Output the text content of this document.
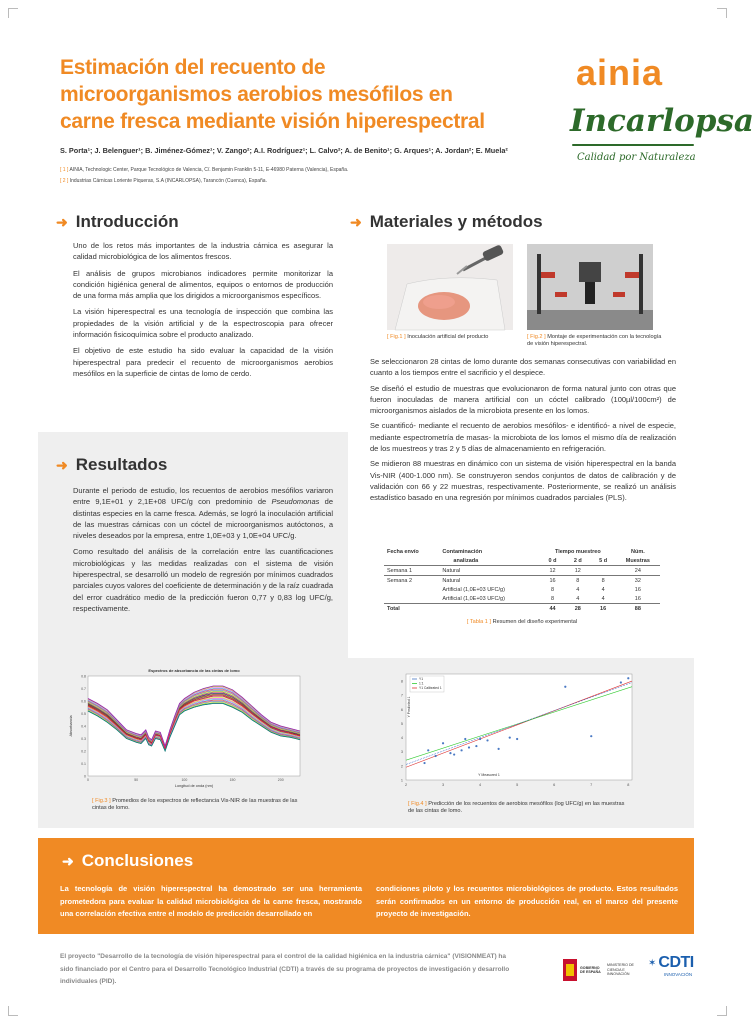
Estimación del recuento de
microorganismos aerobios mesófilos en
carne fresca mediante visión hiperespectral
S. Porta¹; J. Belenguer¹; B. Jiménez-Gómez¹; V. Zango²; A.I. Rodríguez¹; L. Calvo²; A. de Benito¹; G. Arques¹; A. Jordan²; E. Muela²
[ 1 ] AINIA, Technologic Center, Parque Tecnológico de Valencia, C/. Benjamin Franklin 5-11, E-46980 Paterna (Valencia), España.
[ 2 ] Industrias Cárnicas Loriente Piqueras, S.A (INCARLOPSA), Tarancón (Cuenca), España.
ainia
Incarlopsa
Calidad por Naturaleza
➜ Introducción

Uno de los retos más importantes de la industria cárnica es asegurar la calidad microbiológica de los alimentos frescos.

El análisis de grupos microbianos indicadores permite monitorizar la condición higiénica general de alimentos, equipos o entornos de producción de una forma más amplia que los dirigidos a microorganismos específicos.

La visión hiperespectral es una tecnología de inspección que combina las propiedades de la visión artificial y de la espectroscopia para ofrecer información fisicoquímica sobre el producto analizado.

El objetivo de este estudio ha sido evaluar la capacidad de la visión hiperespectral para predecir el recuento de microorganismos aerobios mesófilos en la superficie de cintas de lomo de cerdo.

➜ Resultados

Durante el periodo de estudio, los recuentos de aerobios mesófilos variaron entre 9,1E+01 y 2,1E+08 UFC/g con predominio de Pseudomonas de distintas especies en la carne fresca. Además, se logró la inoculación artificial de las muestras cárnicas con un cóctel de microorganismos autóctonos, a niveles deseados por la empresa, entre 1,0E+03 y 1,0E+04 UFC/g.

Como resultado del análisis de la correlación entre las cuantificaciones microbiológicas y las medidas realizadas con el sistema de visión hiperespectral, se desarrolló un modelo de regresión por mínimos cuadrados parciales cuyos valores del coeficiente de determinación y de la raíz cuadrada del error cuadrático medio de la predicción fueron 0,77 y 0,83 log UFC/g, respectivamente.

➜ Materiales y métodos
[ Fig.1 ] Inoculación artificial del producto	[ Fig.2 ] Montaje de experimentación con la tecnología de visión hiperespectral.

Se seleccionaron 28 cintas de lomo durante dos semanas consecutivas con variabilidad en cuanto a los tiempos entre el sacrificio y el despiece.

Se diseñó el estudio de muestras que evolucionaron de forma natural junto con otras que fueron inoculadas de manera artificial con un cóctel calibrado (100µl/100cm²) de microorganismos aislados de la microbiota presente en los lomos.

Se cuantificó- mediante el recuento de aerobios mesófilos- e identificó- a nivel de especie, mediante espectrometría de masas- la microbiota de los lomos el mismo día de realización de los muestreos y tras 2 y 5 días de almacenamiento en refrigeración.

Se midieron 88 muestras en dinámico con un sistema de visión hiperespectral en la banda Vis-NIR (400-1.000 nm). Se construyeron sendos conjuntos de datos de calibración y de validación con 66 y 22 muestras, respectivamente. Posteriormente, se realizó un análisis estadístico basado en una regresión por mínimos cuadrados parciales (PLS).

Fecha envío	Contaminación	Tiempo muestreo			Núm.
	analizada	0 d	2 d	5 d	Muestras
Semana 1	Natural	12	12		24
Semana 2	Natural	16	8	8	32
	Artificial (1,0E+03 UFC/g)	8	4	4	16
	Artificial (1,0E+03 UFC/g)	8	4	4	16
Total		44	28	16	88
[ Tabla 1 ] Resumen del diseño experimental
Espectros de absorbancia de las cintas de lomo
0
0.1
0.2
0.3
0.4
0.5
0.6
0.7
0.8
0	50	100	150	200
Longitud de onda (nm)
Absorbancia
[ Fig.3 ] Promedios de los espectros de reflectancia Vis-NIR de las muestras de las cintas de lomo.
1
2
3
4
5
6
7
8
2	3	4	5	6	7	8
Y Measured 1
Y Predicted 1
Y1
1:1
Y1 Calibrated 1
[ Fig.4 ] Predicción de los recuentos de aerobios mesófilos (log UFC/g) en las muestras de las cintas de lomo.
➜ Conclusiones
La tecnología de visión hiperespectral ha demostrado ser una herramienta prometedora para evaluar la calidad microbiológica de la carne fresca, mostrando una correlación efectiva entre el modelo de predicción desarrollado en
condiciones piloto y los recuentos microbiológicos de producto. Estos resultados serán confirmados en un entorno de producción real, en el marco del presente proyecto de investigación.
El proyecto "Desarrollo de la tecnología de visión hiperespectral para el control de la calidad higiénica en la industria cárnica" (VISIONMEAT) ha sido financiado por el Centro para el Desarrollo Tecnológico Industrial (CDTI) a través de su programa de proyectos de investigación y desarrollo individuales (PID).
GOBIERNO DE ESPAÑA
MINISTERIO DE CIENCIA E INNOVACIÓN
✶ CDTI
INNOVACIÓN
